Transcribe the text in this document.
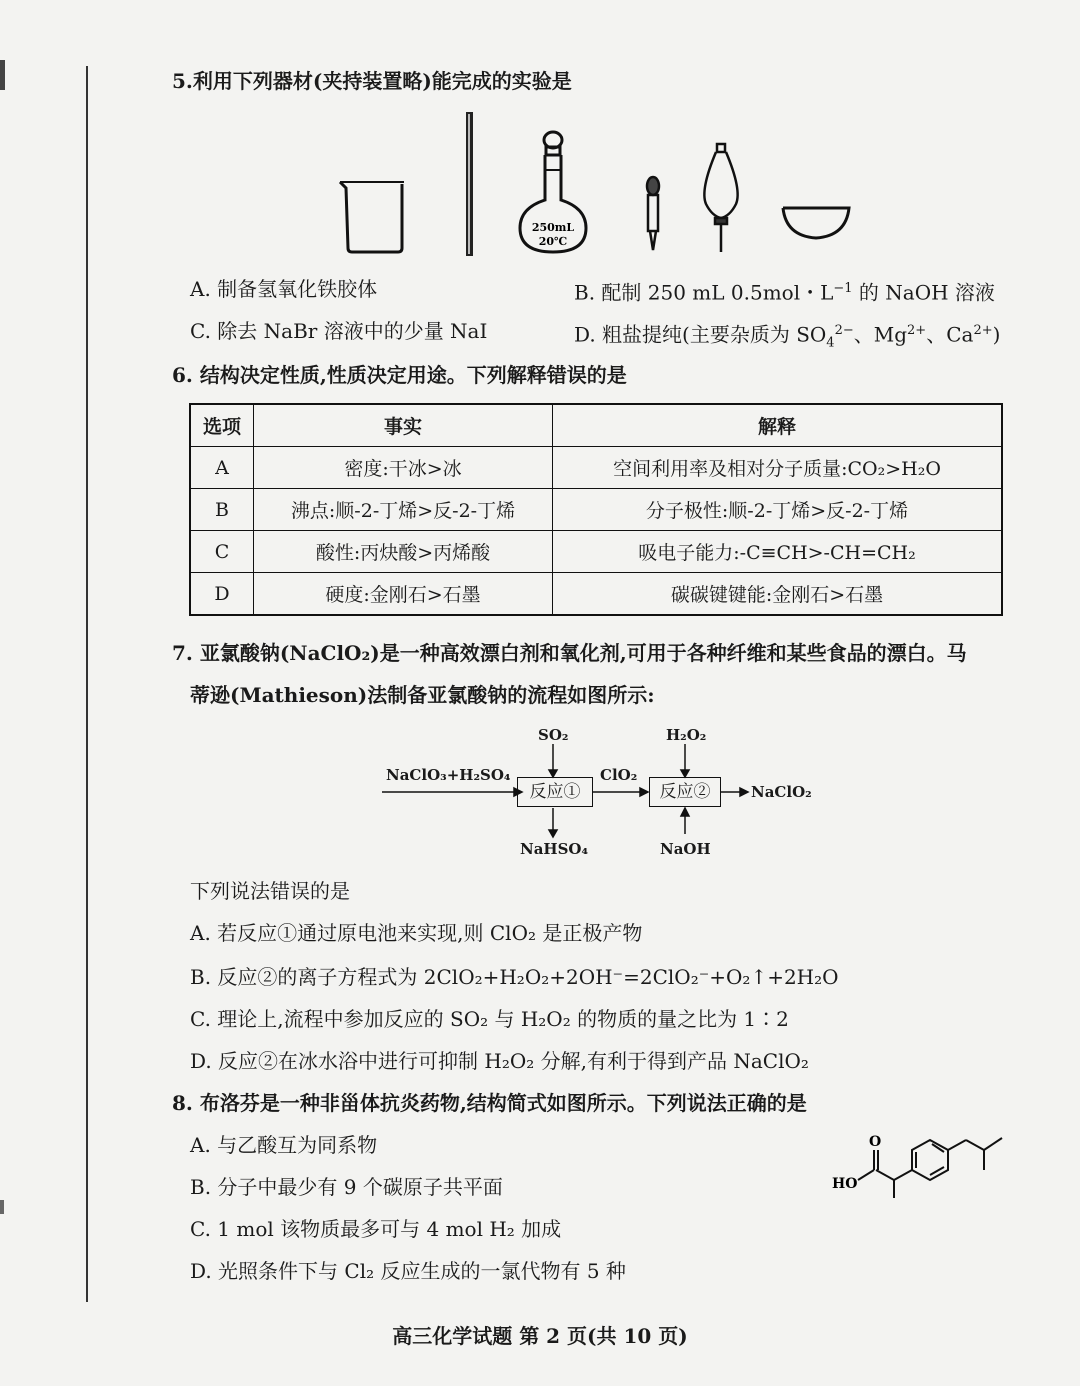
5.利用下列器材(夹持装置略)能完成的实验是
250mL
20℃
A. 制备氢氧化铁胶体	B. 配制 250 mL 0.5mol・$L^{-1}$ 的 NaOH 溶液
C. 除去 NaBr 溶液中的少量 NaI	D. 粗盐提纯(主要杂质为 $SO_4^{2-}$、$Mg^{2+}$、$Ca^{2+}$)
6. 结构决定性质,性质决定用途。下列解释错误的是
选项	事实	解释
A	密度:干冰>冰	空间利用率及相对分子质量:CO₂>H₂O
B	沸点:顺-2-丁烯>反-2-丁烯	分子极性:顺-2-丁烯>反-2-丁烯
C	酸性:丙炔酸>丙烯酸	吸电子能力:-C≡CH>-CH=CH₂
D	硬度:金刚石>石墨	碳碳键键能:金刚石>石墨
7. 亚氯酸钠(NaClO₂)是一种高效漂白剂和氧化剂,可用于各种纤维和某些食品的漂白。马
蒂逊(Mathieson)法制备亚氯酸钠的流程如图所示:
NaClO₃+H₂SO₄
SO₂
反应①
NaHSO₄
ClO₂
H₂O₂
反应②
NaOH
NaClO₂
下列说法错误的是
A. 若反应①通过原电池来实现,则 ClO₂ 是正极产物
B. 反应②的离子方程式为 2ClO₂+H₂O₂+2OH⁻=2ClO₂⁻+O₂↑+2H₂O
C. 理论上,流程中参加反应的 SO₂ 与 H₂O₂ 的物质的量之比为 1∶2
D. 反应②在冰水浴中进行可抑制 H₂O₂ 分解,有利于得到产品 NaClO₂
8. 布洛芬是一种非甾体抗炎药物,结构简式如图所示。下列说法正确的是
A. 与乙酸互为同系物
B. 分子中最少有 9 个碳原子共平面
C. 1 mol 该物质最多可与 4 mol H₂ 加成
D. 光照条件下与 Cl₂ 反应生成的一氯代物有 5 种
O
HO
高三化学试题 第 2 页(共 10 页)
